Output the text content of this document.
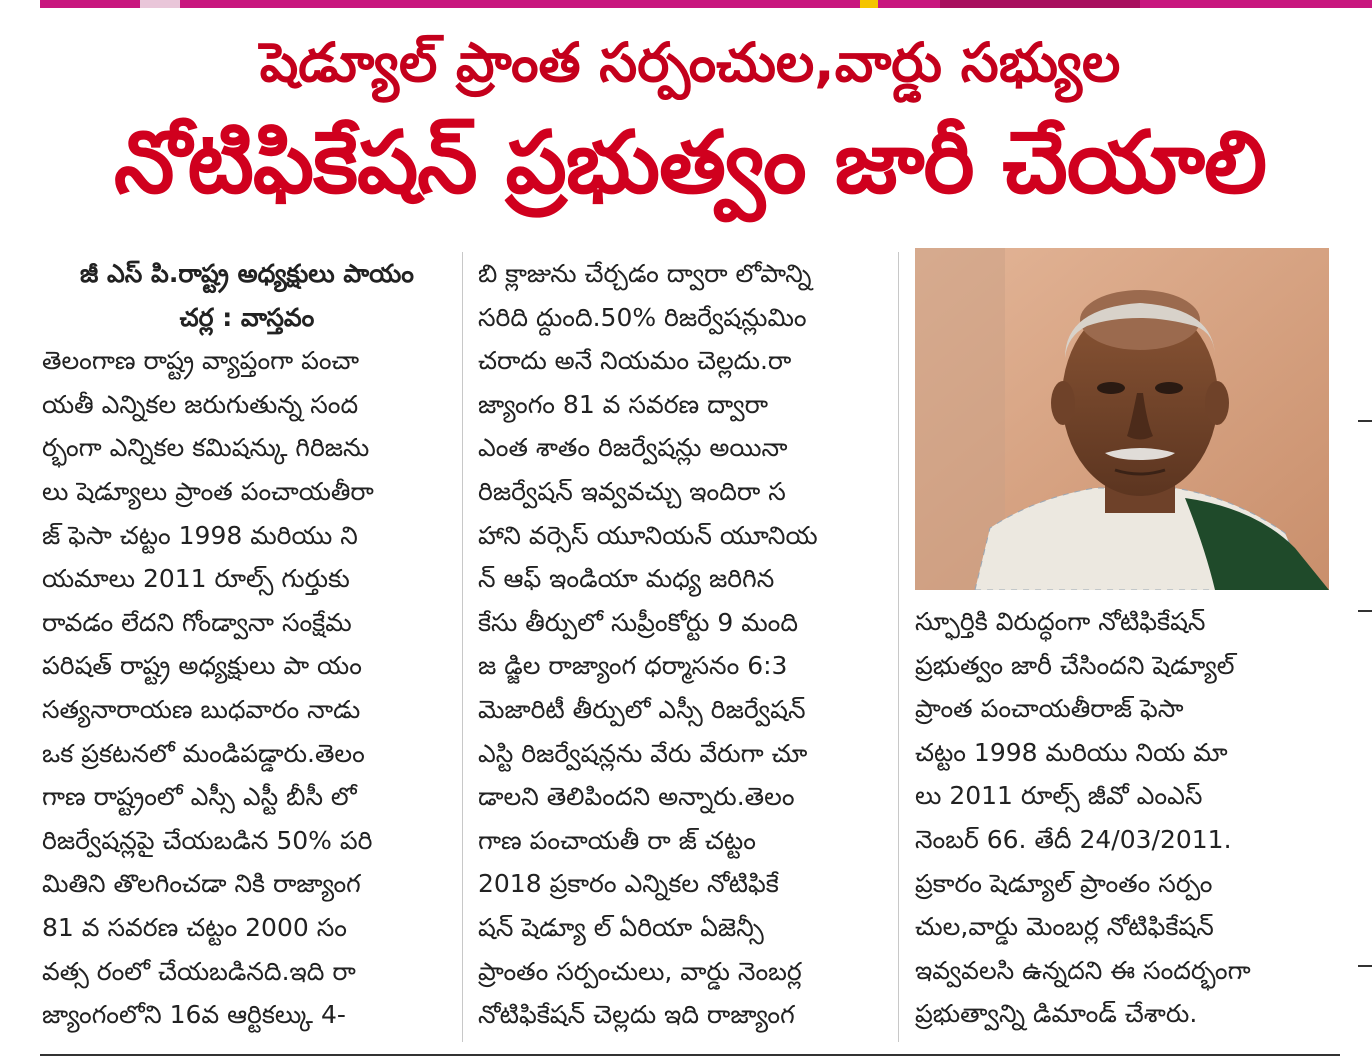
షెడ్యూల్ ప్రాంత సర్పంచుల,వార్డు సభ్యుల
నోటిఫికేషన్ ప్రభుత్వం జారీ చేయాలి
జీ ఎస్ పి.రాష్ట్ర అధ్యక్షులు పాయం
చర్ల : వాస్తవం
తెలంగాణ రాష్ట్ర వ్యాప్తంగా పంచా
యతీ ఎన్నికల జరుగుతున్న సంద
ర్భంగా ఎన్నికల కమిషన్కు గిరిజను
లు షెడ్యూలు ప్రాంత పంచాయతీరా
జ్ ఫెసా చట్టం 1998 మరియు ని
యమాలు 2011 రూల్స్ గుర్తుకు
రావడం లేదని గోండ్వానా సంక్షేమ
పరిషత్ రాష్ట్ర అధ్యక్షులు పా యం
సత్యనారాయణ బుధవారం నాడు
ఒక ప్రకటనలో మండిపడ్డారు.తెలం
గాణ రాష్ట్రంలో ఎస్సీ ఎస్టీ బీసీ లో
రిజర్వేషన్లపై చేయబడిన 50% పరి
మితిని తొలగించడా నికి రాజ్యాంగ
81 వ సవరణ చట్టం 2000 సం
వత్స రంలో చేయబడినది.ఇది రా
జ్యాంగంలోని 16వ ఆర్టికల్కు 4-
బి క్లాజును చేర్చడం ద్వారా లోపాన్ని
సరిది ద్దుంది.50% రిజర్వేషన్లుమిం
చరాదు అనే నియమం చెల్లదు.రా
జ్యాంగం 81 వ సవరణ ద్వారా
ఎంత శాతం రిజర్వేషన్లు అయినా
రిజర్వేషన్ ఇవ్వవచ్చు ఇందిరా స
హాని వర్సెస్ యూనియన్ యూనియ
న్ ఆఫ్ ఇండియా మధ్య జరిగిన
కేసు తీర్పులో సుప్రీంకోర్టు 9 మంది
జ డ్జిల రాజ్యాంగ ధర్మాసనం 6:3
మెజారిటీ తీర్పులో ఎస్సీ రిజర్వేషన్
ఎస్టి రిజర్వేషన్లను వేరు వేరుగా చూ
డాలని తెలిపిందని అన్నారు.తెలం
గాణ పంచాయతీ రా జ్ చట్టం
2018 ప్రకారం ఎన్నికల నోటిఫికే
షన్ షెడ్యూ ల్ ఏరియా ఏజెన్సీ
ప్రాంతం సర్పంచులు, వార్డు నెంబర్ల
నోటిఫికేషన్ చెల్లదు ఇది రాజ్యాంగ
స్ఫూర్తికి విరుద్ధంగా నోటిఫికేషన్
ప్రభుత్వం జారీ చేసిందని షెడ్యూల్
ప్రాంత పంచాయతీరాజ్ ఫెసా
చట్టం 1998 మరియు నియ మా
లు 2011 రూల్స్ జీవో ఎంఎస్
నెంబర్ 66. తేదీ 24/03/2011.
ప్రకారం షెడ్యూల్ ప్రాంతం సర్పం
చుల,వార్డు మెంబర్ల నోటిఫికేషన్
ఇవ్వవలసి ఉన్నదని ఈ సందర్భంగా
ప్రభుత్వాన్ని డిమాండ్ చేశారు.
